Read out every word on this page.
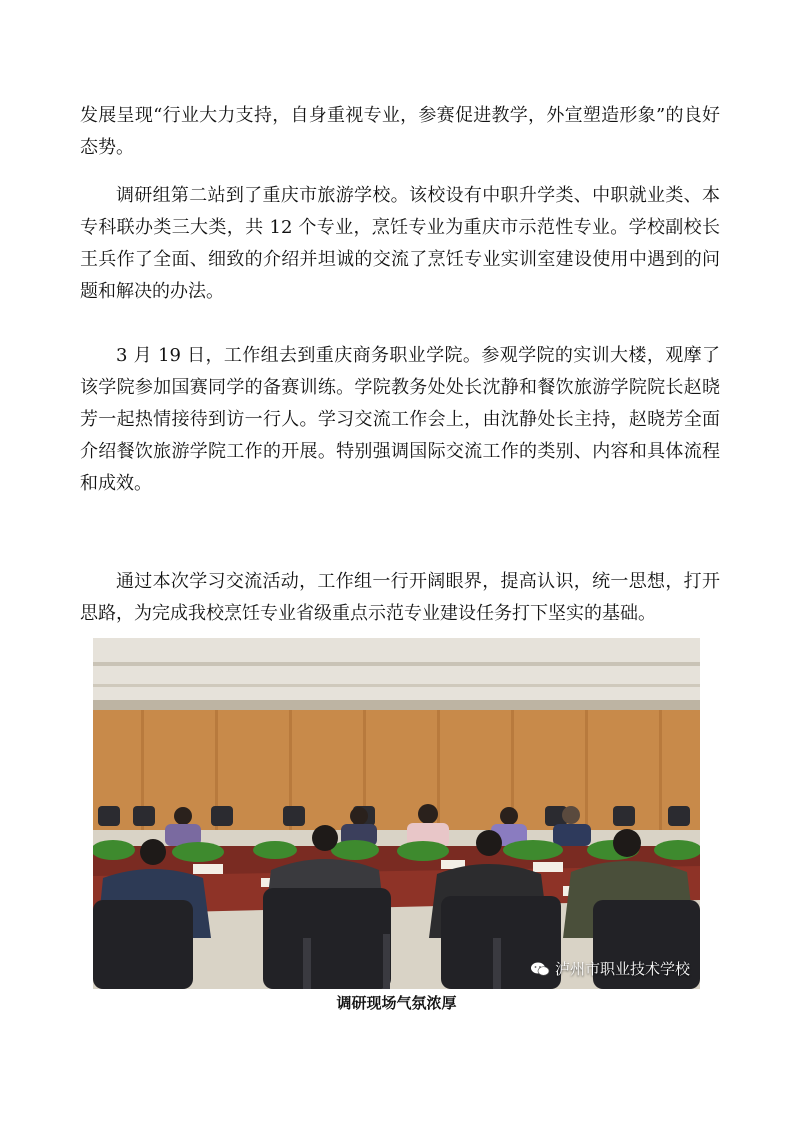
发展呈现“行业大力支持，自身重视专业，参赛促进教学，外宣塑造形象”的良好态势。

调研组第二站到了重庆市旅游学校。该校设有中职升学类、中职就业类、本专科联办类三大类，共 12 个专业，烹饪专业为重庆市示范性专业。学校副校长王兵作了全面、细致的介绍并坦诚的交流了烹饪专业实训室建设使用中遇到的问题和解决的办法。

3 月 19 日，工作组去到重庆商务职业学院。参观学院的实训大楼，观摩了该学院参加国赛同学的备赛训练。学院教务处处长沈静和餐饮旅游学院院长赵晓芳一起热情接待到访一行人。学习交流工作会上，由沈静处长主持，赵晓芳全面介绍餐饮旅游学院工作的开展。特别强调国际交流工作的类别、内容和具体流程和成效。

通过本次学习交流活动，工作组一行开阔眼界，提高认识，统一思想，打开思路，为完成我校烹饪专业省级重点示范专业建设任务打下坚实的基础。

泸州市职业技术学校
调研现场气氛浓厚
